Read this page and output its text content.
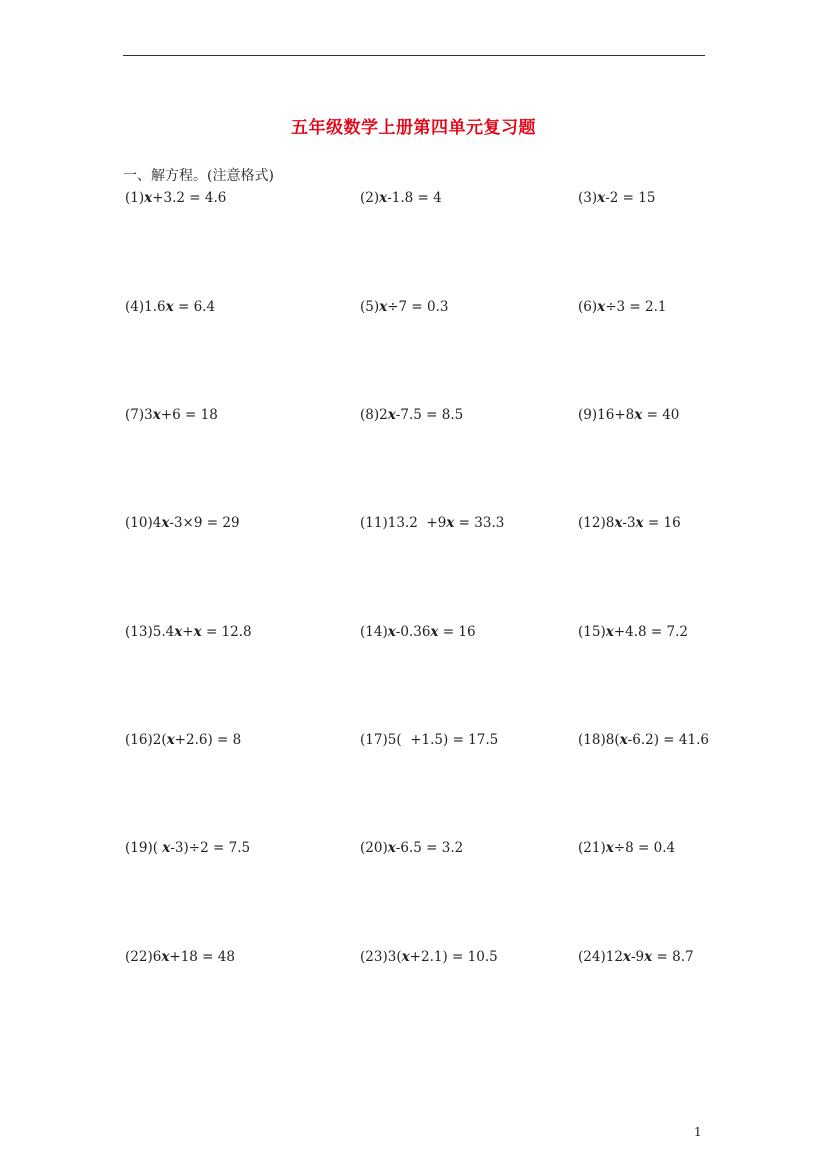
五年级数学上册第四单元复习题
一、解方程。(注意格式)
(1)x+3.2 = 4.6	(2)x-1.8 = 4	(3)x-2 = 15
(4)1.6x = 6.4	(5)x÷7 = 0.3	(6)x÷3 = 2.1
(7)3x+6 = 18	(8)2x-7.5 = 8.5	(9)16+8x = 40
(10)4x-3×9 = 29	(11)13.2 +9x = 33.3	(12)8x-3x = 16
(13)5.4x+x = 12.8	(14)x-0.36x = 16	(15)x+4.8 = 7.2
(16)2(x+2.6) = 8	(17)5( +1.5) = 17.5	(18)8(x-6.2) = 41.6
(19)( x-3)÷2 = 7.5	(20)x-6.5 = 3.2	(21)x÷8 = 0.4
(22)6x+18 = 48	(23)3(x+2.1) = 10.5	(24)12x-9x = 8.7
1
